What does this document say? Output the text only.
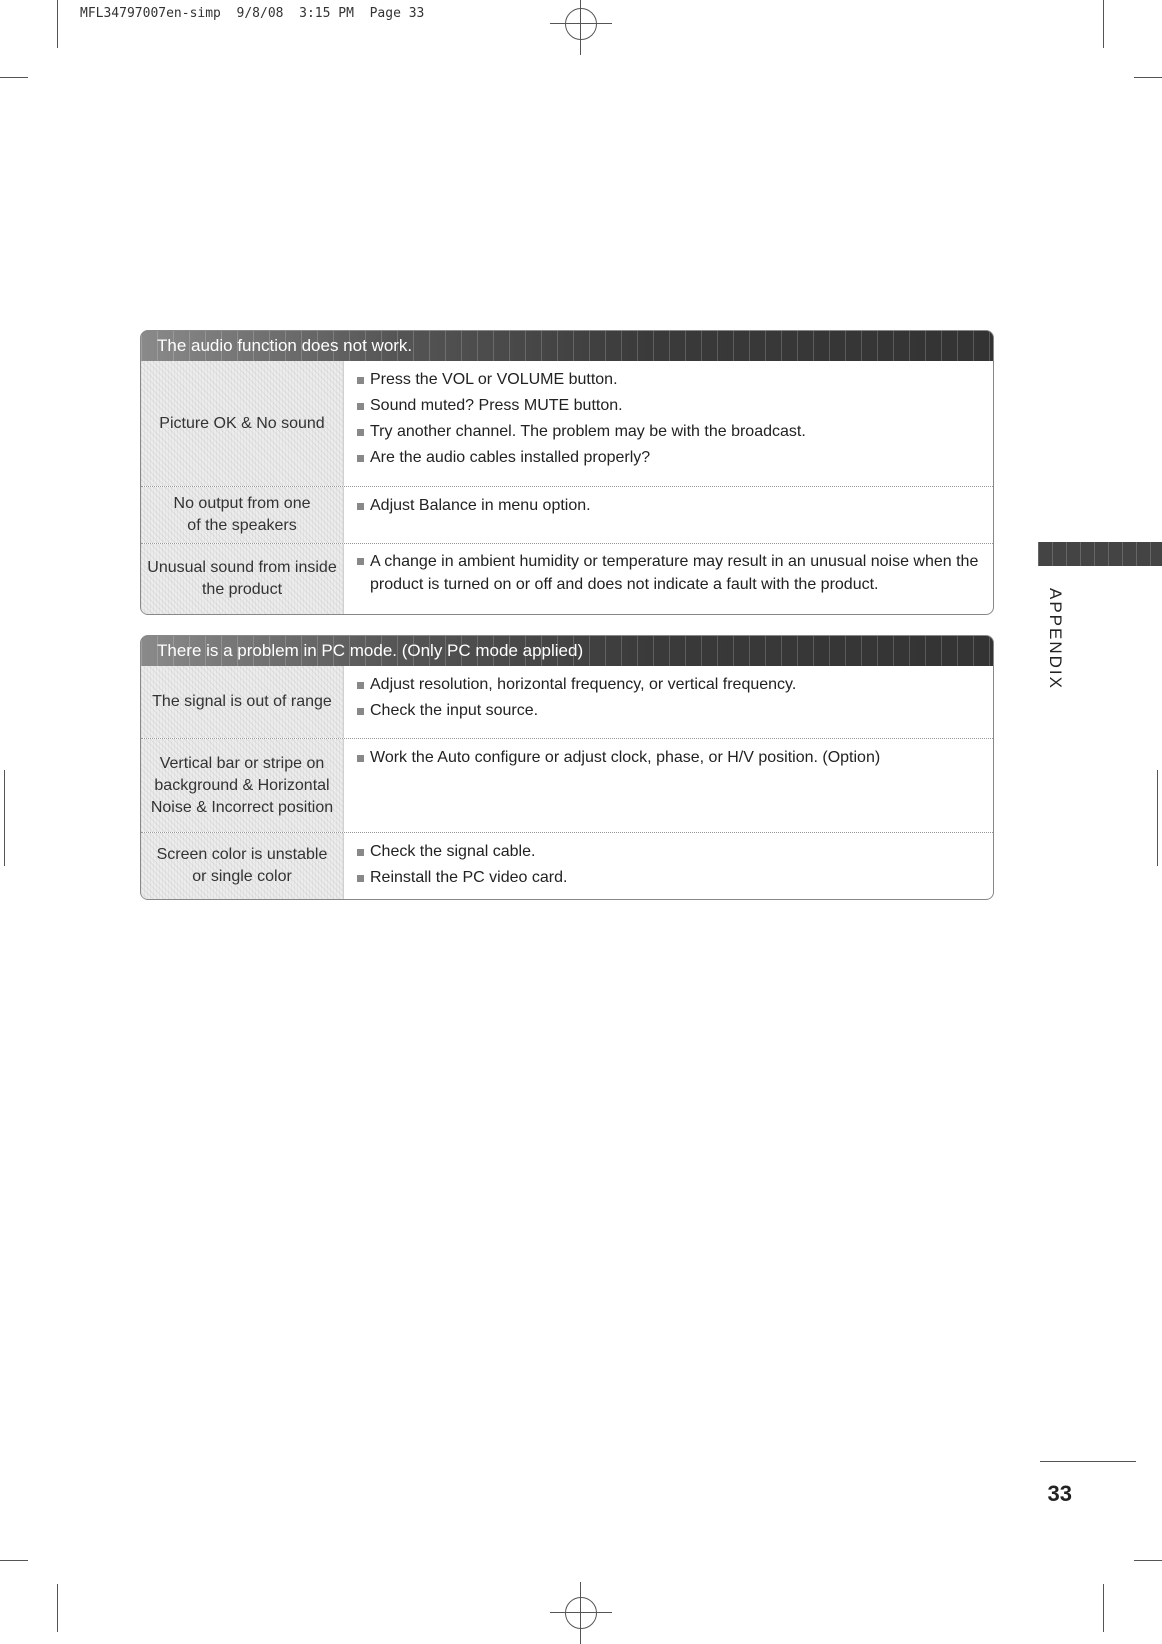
MFL34797007en-simp  9/8/08  3:15 PM  Page 33
The audio function does not work.
Picture OK & No sound
Press the VOL or VOLUME button.
Sound muted? Press MUTE button.
Try another channel. The problem may be with the broadcast.
Are the audio cables installed properly?
No output from one
of the speakers
Adjust Balance in menu option.
Unusual sound from inside
the product
A change in ambient humidity or temperature may result in an unusual noise when the product is turned on or off and does not indicate a fault with the product.
There is a problem in PC mode. (Only PC mode applied)
The signal is out of range
Adjust resolution, horizontal frequency, or vertical frequency.
Check the input source.
Vertical bar or stripe on
background & Horizontal
Noise & Incorrect position
Work the Auto configure or adjust clock, phase, or H/V position. (Option)
Screen color is unstable
or single color
Check the signal cable.
Reinstall the PC video card.
APPENDIX
33
